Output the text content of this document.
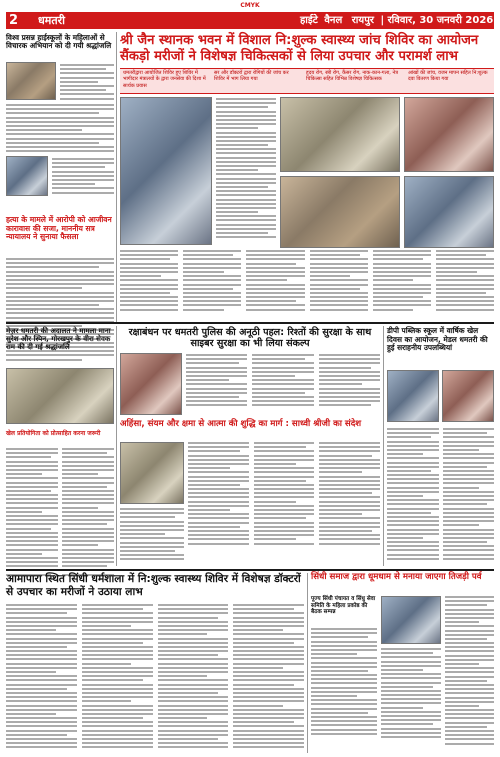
CMYK
2 धमतरी	हाईटे वैनल रायपुर | रविवार, 30 जनवरी 2026
विश्व प्रसन्न हाईस्कूलों के महिलाओं से विचारक अभियान को दी गयी श्रद्धांजलि
हत्या के मामले में आरोपी को आजीवन कारावास की सजा, माननीय सत्र न्यायालय ने सुनाया फैसला
श्री जैन स्थानक भवन में विशाल नि:शुल्क स्वास्थ्य जांच शिविर का आयोजन सैंकड़ो मरीजों ने विशेषज्ञ चिकित्सकों से लिया उपचार और परामर्श लाभ
धमतरीद्वारा आयोजित शिविर हुए शिविर में भागीदार मंत्रालयों के द्वारा जनसेवा की दिशा में सार्थक प्रयास
सर और डॉक्टरों द्वारा रोगियों की जांच कर शिविर में भाग लिया गया
हृदय रोग, स्त्री रोग, कैंसर रोग, नाक-कान-गला, नेत्र चिकित्सा सहित विभिन्न विशेषज्ञ चिकित्सक
आंखों की जांच, वजन मापन सहित नि:शुल्क दवा वितरण किया गया
मेज़र धमतरी की अदालत ने मामला माना सुरेश और स्पिन, गोरखपुर के वीरा सेवक राम की दी गई श्रद्धांजलि
खेल प्रतियोगिता को प्रोत्साहित करना जरूरी
रक्षाबंधन पर धमतरी पुलिस की अनूठी पहल: रिश्तों की सुरक्षा के साथ साइबर सुरक्षा का भी लिया संकल्प
अहिंसा, संयम और क्षमा से आत्मा की शुद्धि का मार्ग : साध्वी श्रीजी का संदेश
डीपी पब्लिक स्कूल में वार्षिक खेल दिवस का आयोजन, मेडल धमतरी की हुई सराहनीय उपलब्धियां
आमापारा स्थित सिंधी धर्मशाला में नि:शुल्क स्वास्थ्य शिविर में विशेषज्ञ डॉक्टरों से उपचार का मरीजों ने उठाया लाभ
सिंधी समाज द्वारा धूमधाम से मनाया जाएगा तिजड़ी पर्व
पूज्य सिंधी पंचायत व सिंधु सेवा समिति के महिला प्रकोष्ठ की बैठक सम्पन्न
